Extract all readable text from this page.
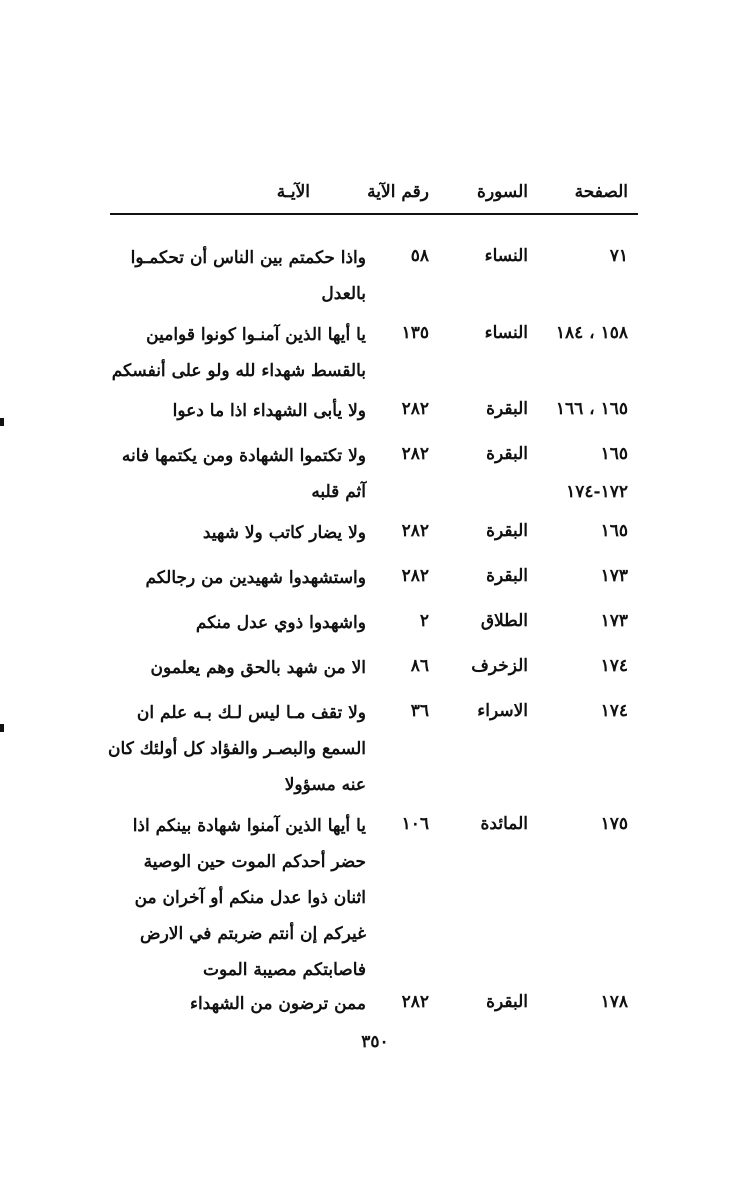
الصفحة
السورة
رقم الآية
الآيـة
٧١
النساء
٥٨
واذا حكمتم بين الناس أن تحكمـوا بالعدل
١٥٨ ، ١٨٤
النساء
١٣٥
يا أيها الذين آمنـوا كونوا قوامين بالقسط شهداء لله ولو على أنفسكم
١٦٥ ، ١٦٦
البقرة
٢٨٢
ولا يأبى الشهداء اذا ما دعوا
١٦٥
١٧٢-١٧٤
البقرة
٢٨٢
ولا تكتموا الشهادة ومن يكتمها فانه آثم قلبه
١٦٥
البقرة
٢٨٢
ولا يضار كاتب ولا شهيد
١٧٣
البقرة
٢٨٢
واستشهدوا شهيدين من رجالكم
١٧٣
الطلاق
٢
واشهدوا ذوي عدل منكم
١٧٤
الزخرف
٨٦
الا من شهد بالحق وهم يعلمون
١٧٤
الاسراء
٣٦
ولا تقف مـا ليس لـك بـه علم ان السمع والبصـر والفؤاد كل أولئك كان عنه مسؤولا
١٧٥
المائدة
١٠٦
يا أيها الذين آمنوا شهادة بينكم اذا حضر أحدكم الموت حين الوصية اثنان ذوا عدل منكم أو آخران من غيركم إن أنتم ضربتم في الارض فاصابتكم مصيبة الموت
١٧٨
البقرة
٢٨٢
ممن ترضون من الشهداء
٣٥٠
